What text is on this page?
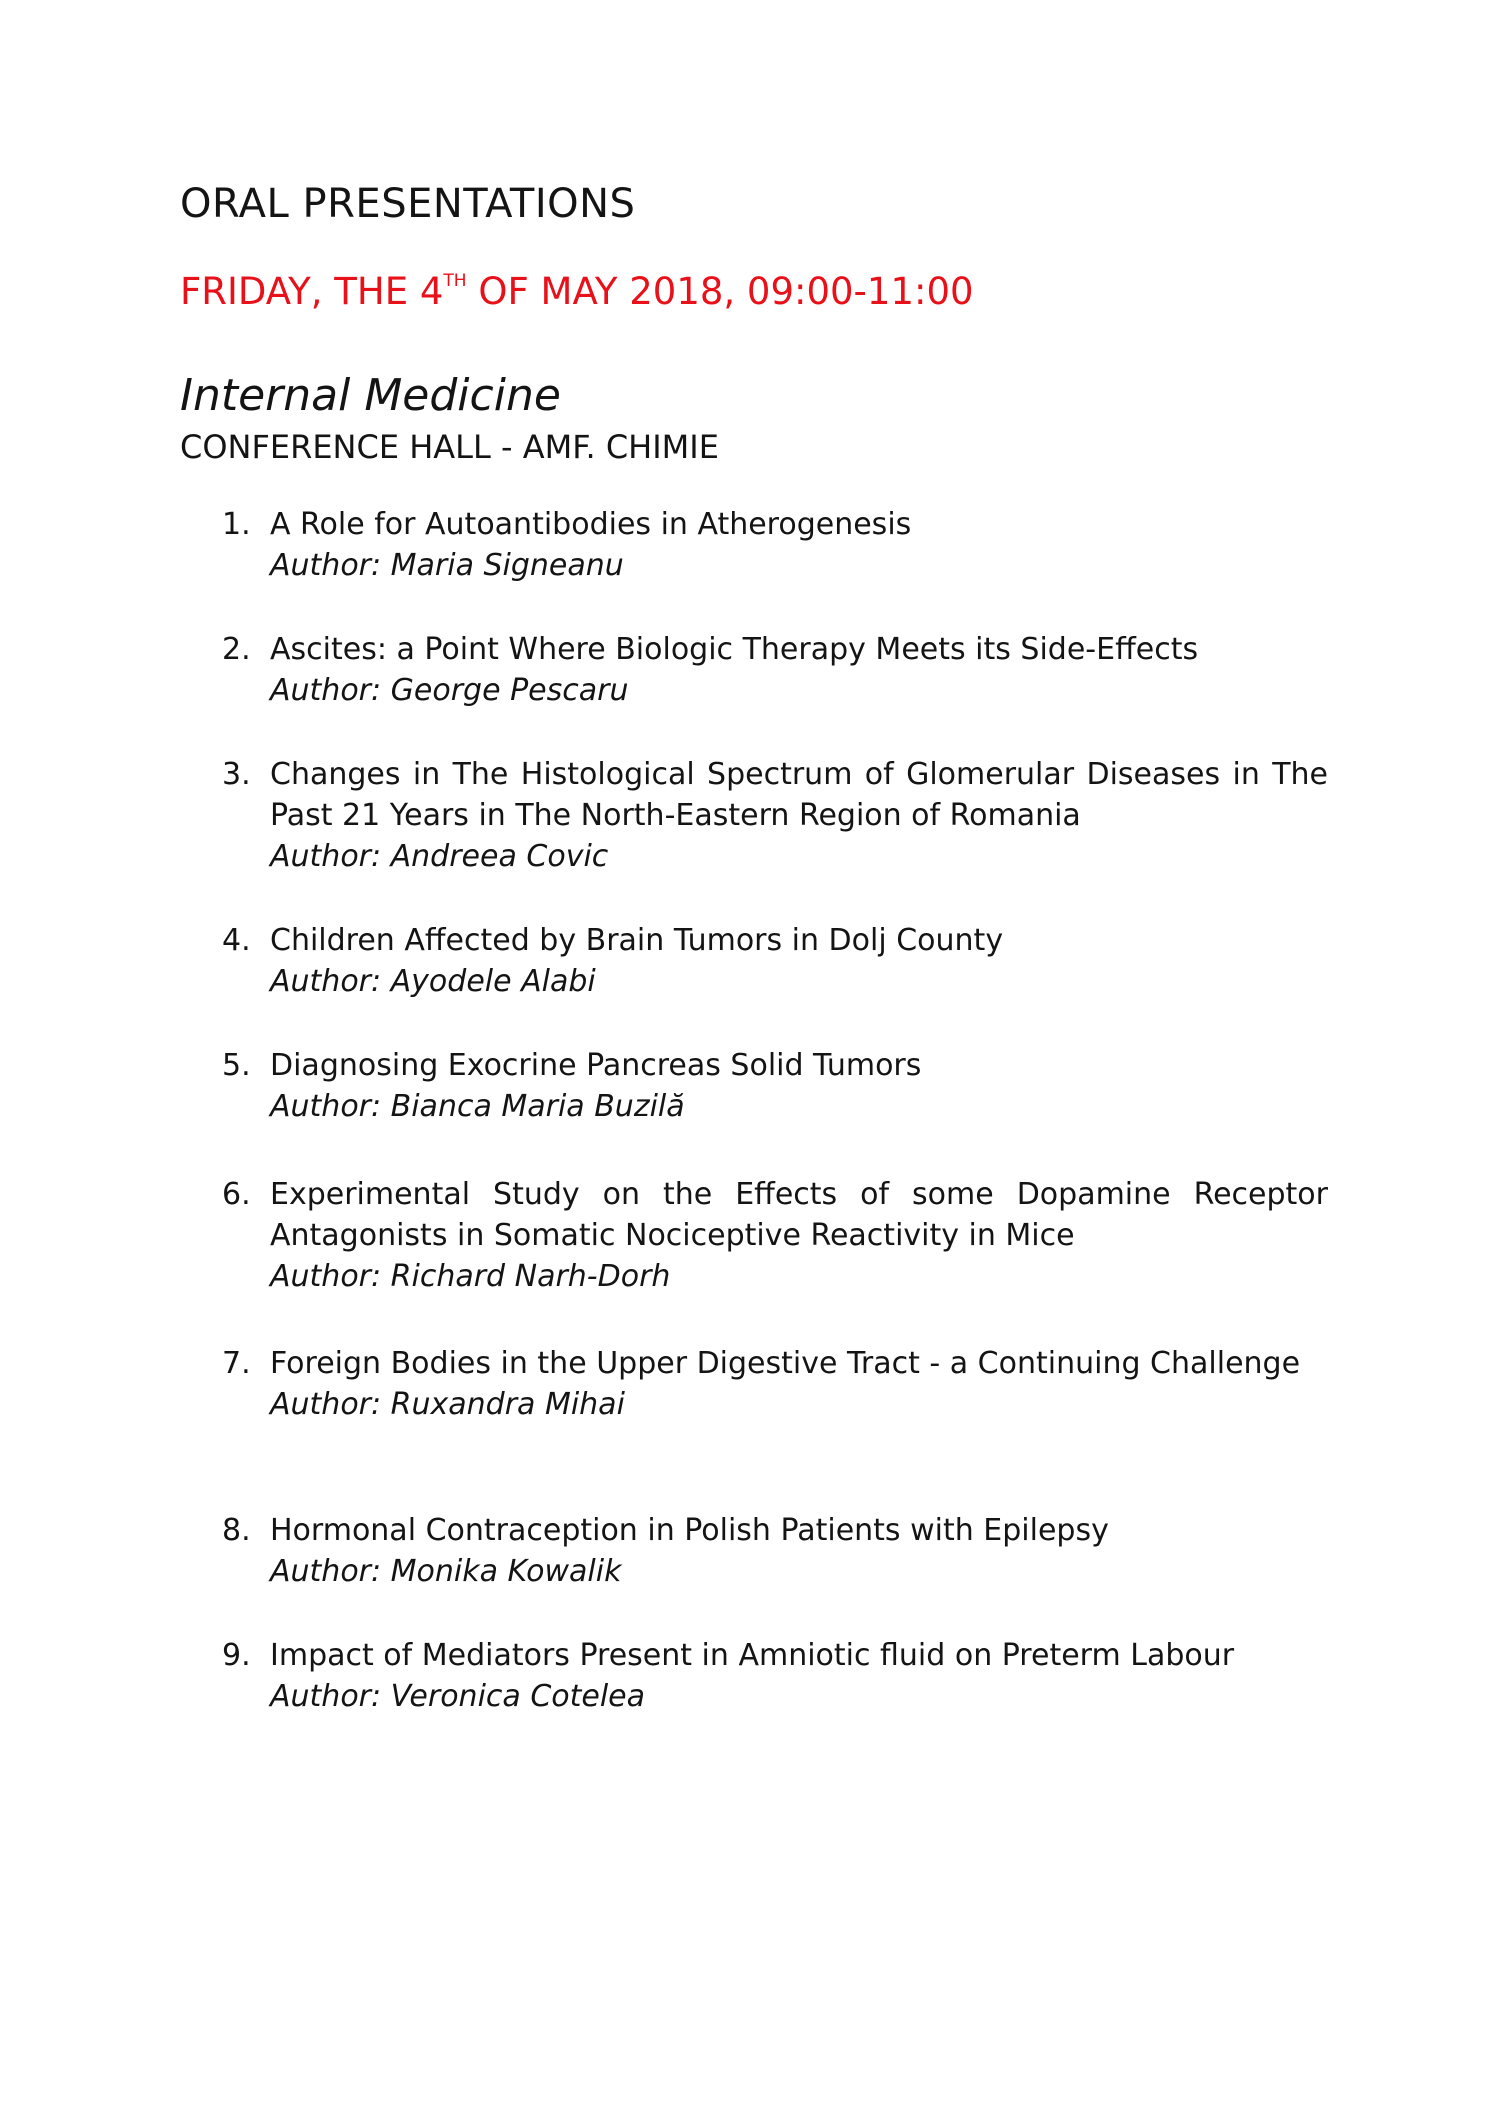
ORAL PRESENTATIONS

FRIDAY, THE 4TH OF MAY 2018, 09:00-11:00

Internal Medicine

CONFERENCE HALL - AMF. CHIMIE

1. A Role for Autoantibodies in Atherogenesis
Author: Maria Signeanu
2. Ascites: a Point Where Biologic Therapy Meets its Side-Effects
Author: George Pescaru
3. Changes in The Histological Spectrum of Glomerular Diseases in The Past 21 Years in The North-Eastern Region of Romania
Author: Andreea Covic
4. Children Affected by Brain Tumors in Dolj County
Author: Ayodele Alabi
5. Diagnosing Exocrine Pancreas Solid Tumors
Author: Bianca Maria Buzilă
6. Experimental Study on the Effects of some Dopamine Receptor Antagonists in Somatic Nociceptive Reactivity in Mice
Author: Richard Narh-Dorh
7. Foreign Bodies in the Upper Digestive Tract - a Continuing Challenge
Author: Ruxandra Mihai
8. Hormonal Contraception in Polish Patients with Epilepsy
Author: Monika Kowalik
9. Impact of Mediators Present in Amniotic fluid on Preterm Labour
Author: Veronica Cotelea
